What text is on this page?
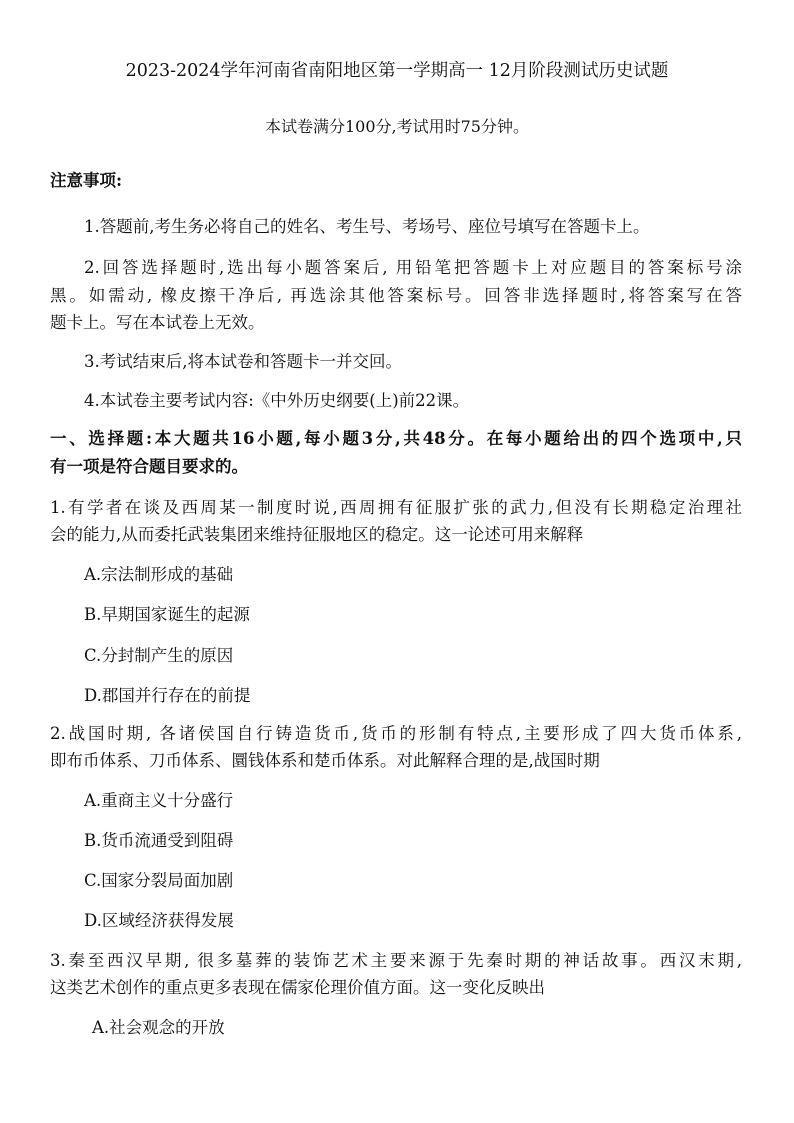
2023-2024学年河南省南阳地区第一学期高一 12月阶段测试历史试题
本试卷满分100分,考试用时75分钟。
注意事项:
1.答题前,考生务必将自己的姓名、考生号、考场号、座位号填写在答题卡上。
2.回答选择题时,选出每小题答案后, 用铅笔把答题卡上对应题目的答案标号涂
黑。如需动, 橡皮擦干净后, 再选涂其他答案标号。回答非选择题时,将答案写在答
题卡上。写在本试卷上无效。
3.考试结束后,将本试卷和答题卡一并交回。
4.本试卷主要考试内容:《中外历史纲要(上)前22课。
一、选择题:本大题共16小题,每小题3分,共48分。在每小题给出的四个选项中,只
有一项是符合题目要求的。
1.有学者在谈及西周某一制度时说,西周拥有征服扩张的武力,但没有长期稳定治理社
会的能力,从而委托武装集团来维持征服地区的稳定。这一论述可用来解释
A.宗法制形成的基础
B.早期国家诞生的起源
C.分封制产生的原因
D.郡国并行存在的前提
2.战国时期, 各诸侯国自行铸造货币,货币的形制有特点,主要形成了四大货币体系,
即布币体系、刀币体系、圜钱体系和楚币体系。对此解释合理的是,战国时期
A.重商主义十分盛行
B.货币流通受到阻碍
C.国家分裂局面加剧
D.区域经济获得发展
3.秦至西汉早期, 很多墓葬的装饰艺术主要来源于先秦时期的神话故事。西汉末期,
这类艺术创作的重点更多表现在儒家伦理价值方面。这一变化反映出
A.社会观念的开放
